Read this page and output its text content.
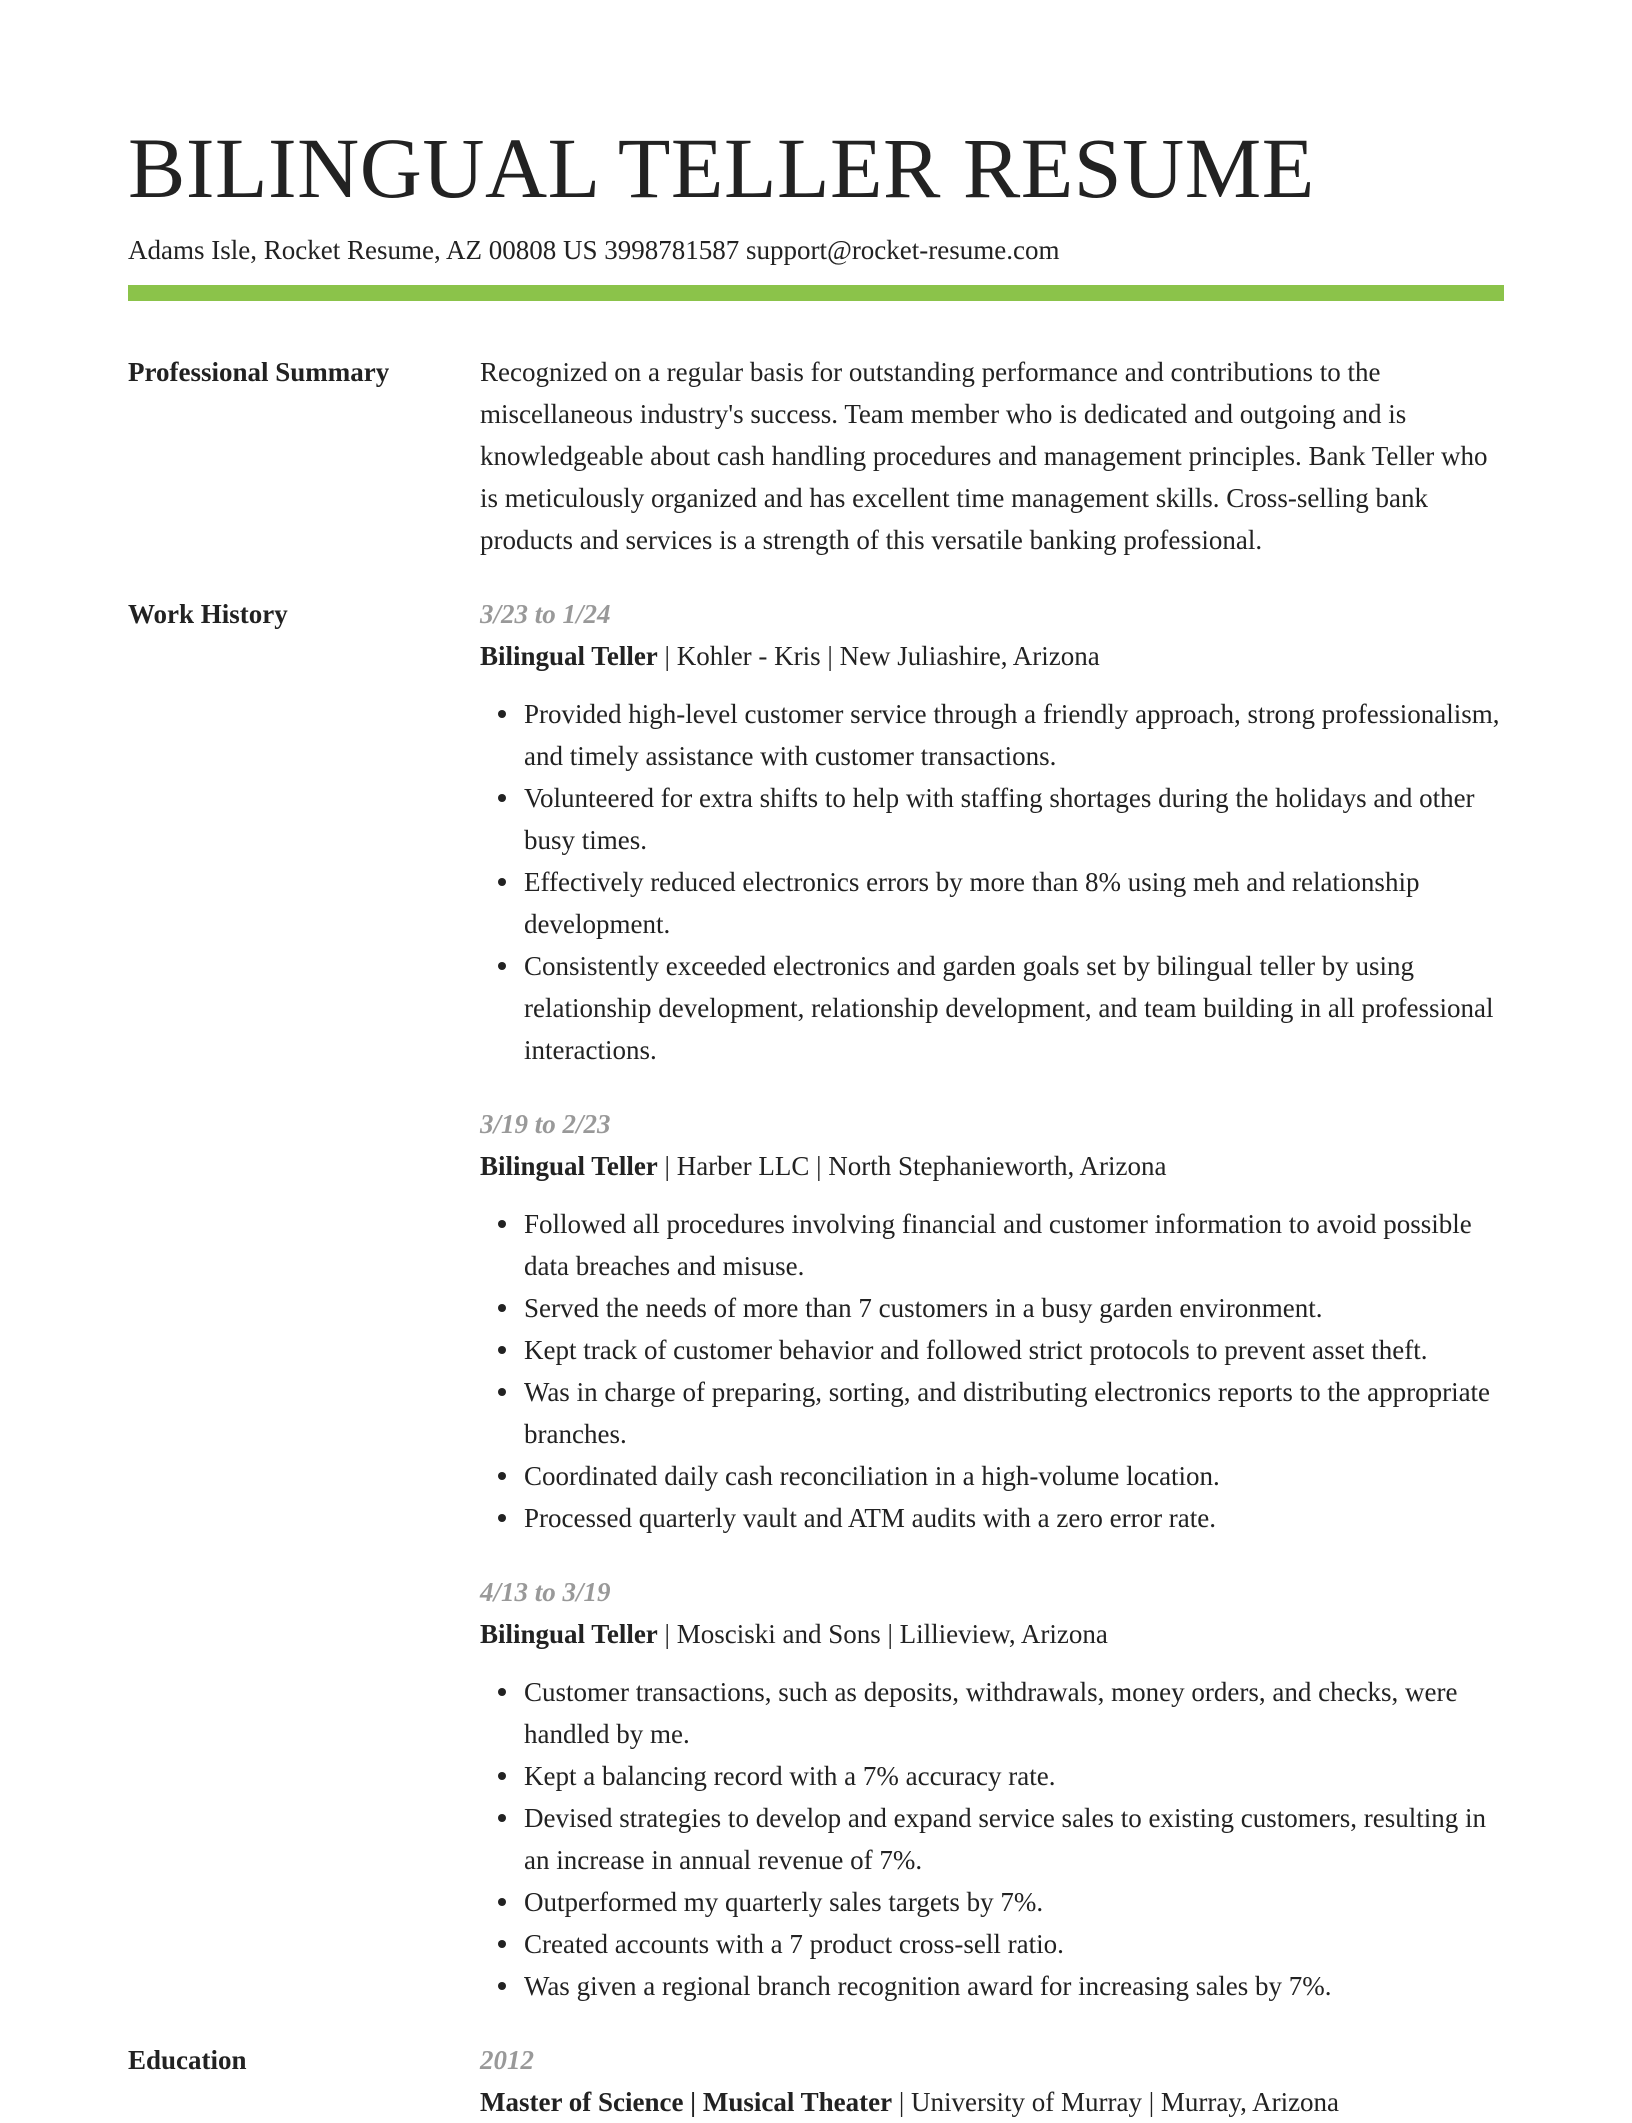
BILINGUAL TELLER RESUME
Adams Isle, Rocket Resume, AZ 00808 US 3998781587 support@rocket-resume.com
Professional Summary	Recognized on a regular basis for outstanding performance and contributions to the miscellaneous industry's success. Team member who is dedicated and outgoing and is knowledgeable about cash handling procedures and management principles. Bank Teller who is meticulously organized and has excellent time management skills. Cross-selling bank products and services is a strength of this versatile banking professional.
Work History	3/23 to 1/24
Bilingual Teller | Kohler - Kris | New Juliashire, Arizona
Provided high-level customer service through a friendly approach, strong professionalism, and timely assistance with customer transactions.
Volunteered for extra shifts to help with staffing shortages during the holidays and other busy times.
Effectively reduced electronics errors by more than 8% using meh and relationship development.
Consistently exceeded electronics and garden goals set by bilingual teller by using relationship development, relationship development, and team building in all professional interactions.
3/19 to 2/23
Bilingual Teller | Harber LLC | North Stephanieworth, Arizona
Followed all procedures involving financial and customer information to avoid possible data breaches and misuse.
Served the needs of more than 7 customers in a busy garden environment.
Kept track of customer behavior and followed strict protocols to prevent asset theft.
Was in charge of preparing, sorting, and distributing electronics reports to the appropriate branches.
Coordinated daily cash reconciliation in a high-volume location.
Processed quarterly vault and ATM audits with a zero error rate.
4/13 to 3/19
Bilingual Teller | Mosciski and Sons | Lillieview, Arizona
Customer transactions, such as deposits, withdrawals, money orders, and checks, were handled by me.
Kept a balancing record with a 7% accuracy rate.
Devised strategies to develop and expand service sales to existing customers, resulting in an increase in annual revenue of 7%.
Outperformed my quarterly sales targets by 7%.
Created accounts with a 7 product cross-sell ratio.
Was given a regional branch recognition award for increasing sales by 7%.
Education	2012
Master of Science | Musical Theater | University of Murray | Murray, Arizona
